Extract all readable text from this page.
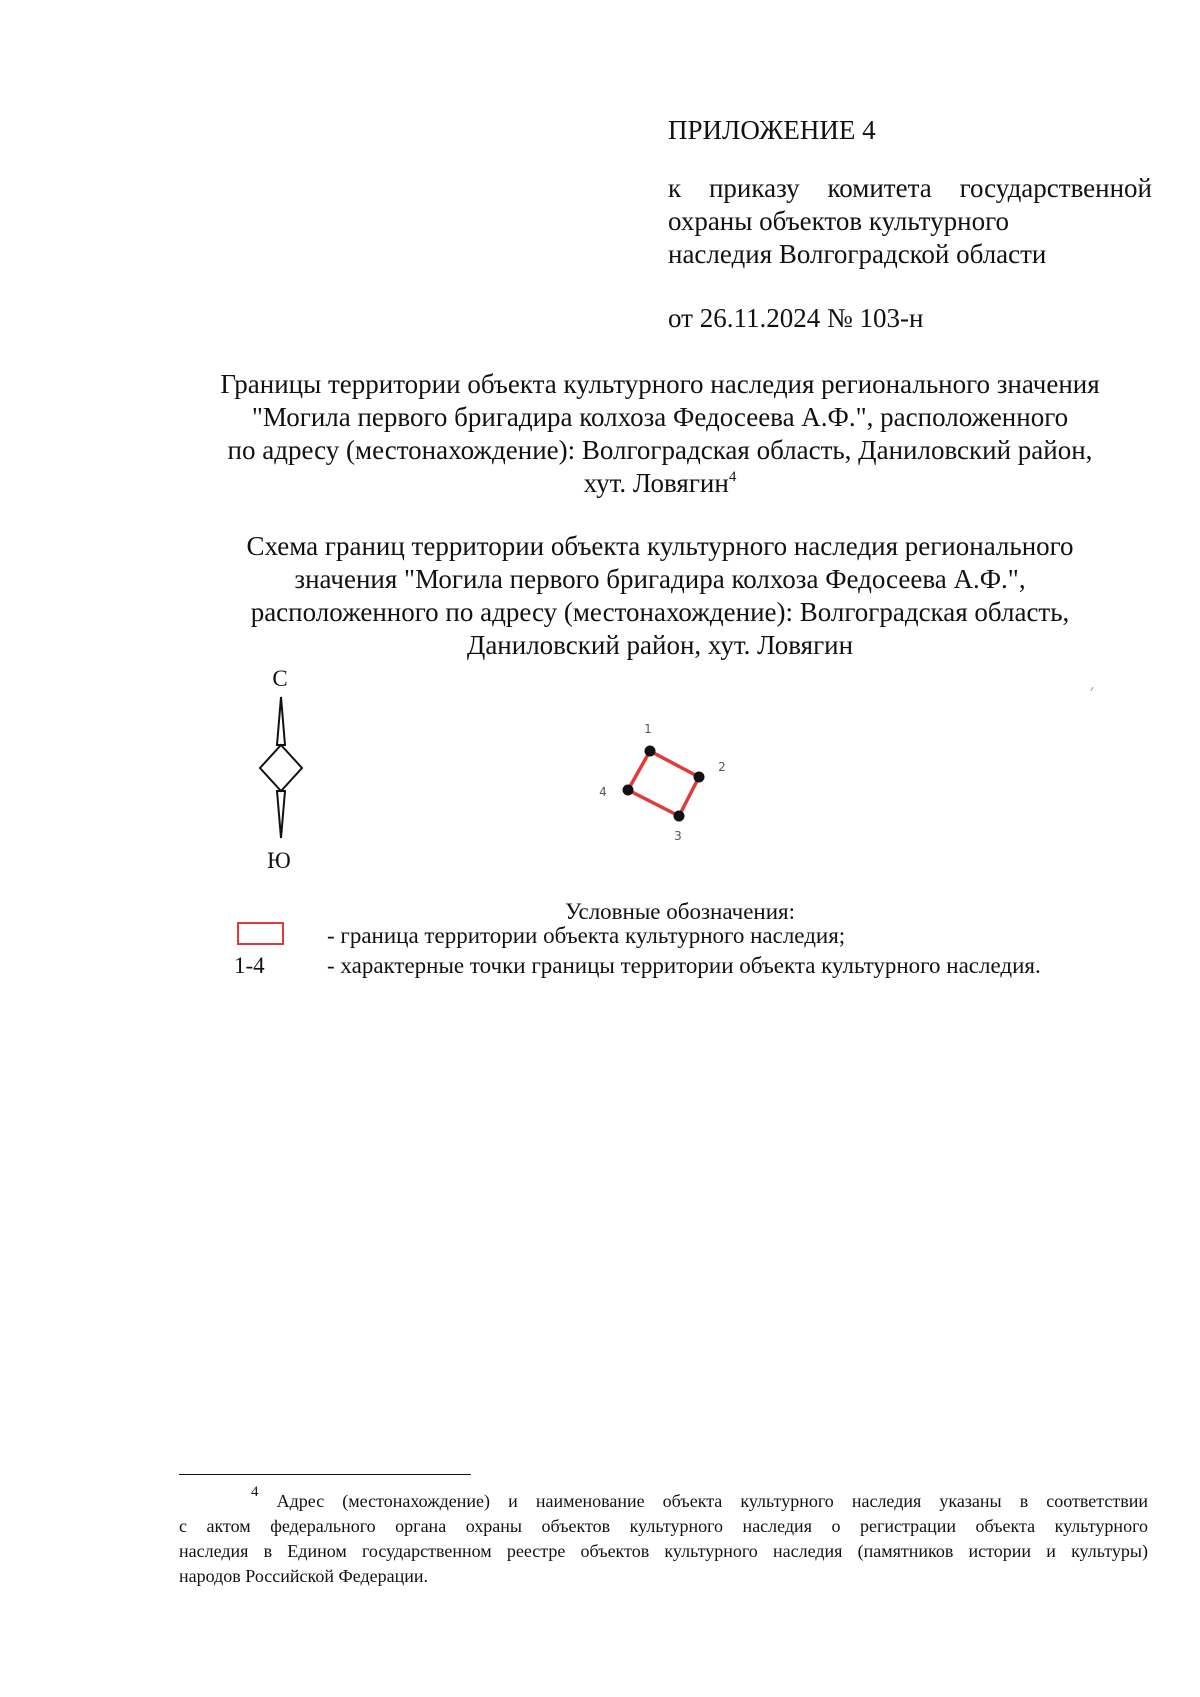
ПРИЛОЖЕНИЕ 4
к приказу комитета государственной
охраны объектов культурного
наследия Волгоградской области
от 26.11.2024 № 103-н
Границы территории объекта культурного наследия регионального значения
"Могила первого бригадира колхоза Федосеева А.Ф.", расположенного
по адресу (местонахождение): Волгоградская область, Даниловский район,
хут. Ловягин$^4$
Схема границ территории объекта культурного наследия регионального
значения "Могила первого бригадира колхоза Федосеева А.Ф.",
расположенного по адресу (местонахождение): Волгоградская область,
Даниловский район, хут. Ловягин
С
Ю
1
2
3
4
Условные обозначения:
- граница территории объекта культурного наследия;
1-4	- характерные точки границы территории объекта культурного наследия.
$^4$ Адрес (местонахождение) и наименование объекта культурного наследия указаны в соответствии
с актом федерального органа охраны объектов культурного наследия о регистрации объекта культурного
наследия в Едином государственном реестре объектов культурного наследия (памятников истории и культуры)
народов Российской Федерации.
